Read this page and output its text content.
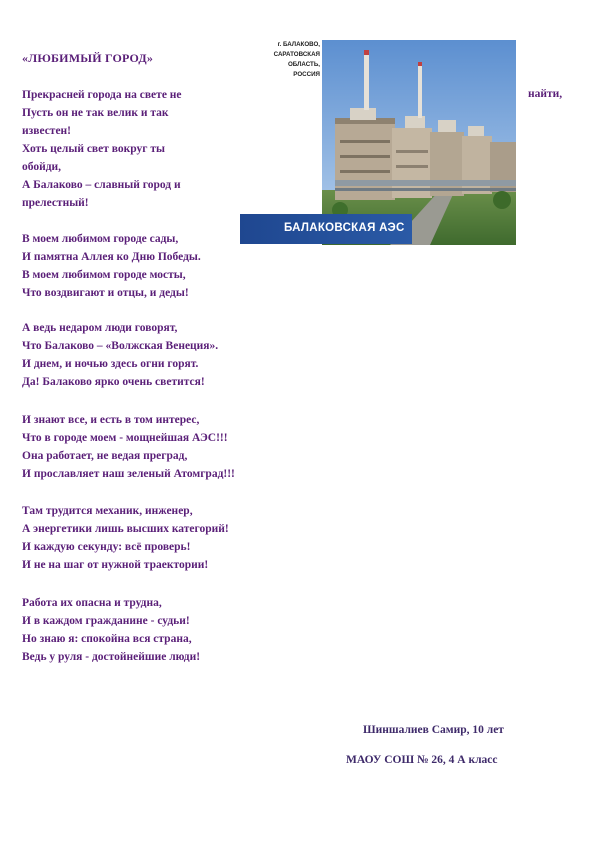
«ЛЮБИМЫЙ ГОРОД»
Прекрасней города на свете не	найти,
Пусть он не так велик и так
известен!
Хоть целый свет вокруг ты
обойди,
А Балаково – славный город и
прелестный!
В моем любимом городе сады,
И памятна Аллея ко Дню Победы.
В моем любимом городе мосты,
Что воздвигают и отцы, и деды!
А ведь недаром люди говорят,
Что Балаково – «Волжская Венеция».
И днем, и ночью здесь огни горят.
Да! Балаково ярко очень светится!
И знают все, и есть в том интерес,
Что в городе моем - мощнейшая АЭС!!!
Она работает, не ведая преград,
И прославляет наш зеленый Атомград!!!
Там трудится механик, инженер,
А энергетики лишь высших категорий!
И каждую секунду: всё проверь!
И не на шаг от нужной траектории!
Работа их опасна и трудна,
И в каждом гражданине - судьи!
Но знаю я: спокойна вся страна,
Ведь у руля - достойнейшие люди!
г. БАЛАКОВО,
САРАТОВСКАЯ ОБЛАСТЬ,
РОССИЯ
БАЛАКОВСКАЯ АЭС
Шиншалиев Самир, 10 лет
МАОУ СОШ № 26, 4 А класс
